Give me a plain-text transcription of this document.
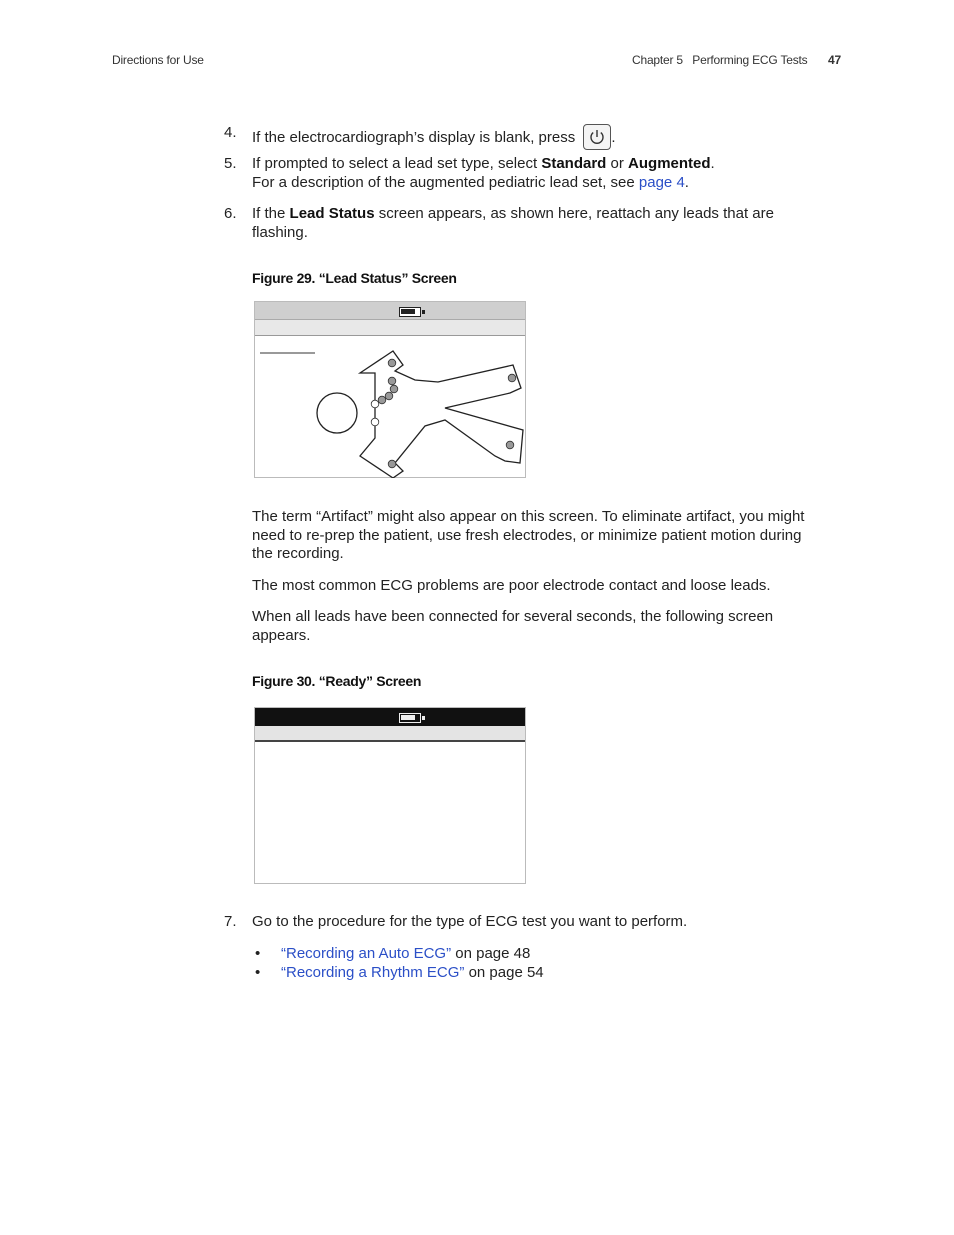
Directions for Use	Chapter 5   Performing ECG Tests 47
4. If the electrocardiograph’s display is blank, press .
5. If prompted to select a lead set type, select Standard or Augmented.
For a description of the augmented pediatric lead set, see page 4.
6. If the Lead Status screen appears, as shown here, reattach any leads that are
flashing.
Figure 29. “Lead Status” Screen
The term “Artifact” might also appear on this screen. To eliminate artifact, you might
need to re-prep the patient, use fresh electrodes, or minimize patient motion during
the recording.
The most common ECG problems are poor electrode contact and loose leads.
When all leads have been connected for several seconds, the following screen
appears.
Figure 30. “Ready” Screen
7. Go to the procedure for the type of ECG test you want to perform.
• “Recording an Auto ECG” on page 48
• “Recording a Rhythm ECG” on page 54
